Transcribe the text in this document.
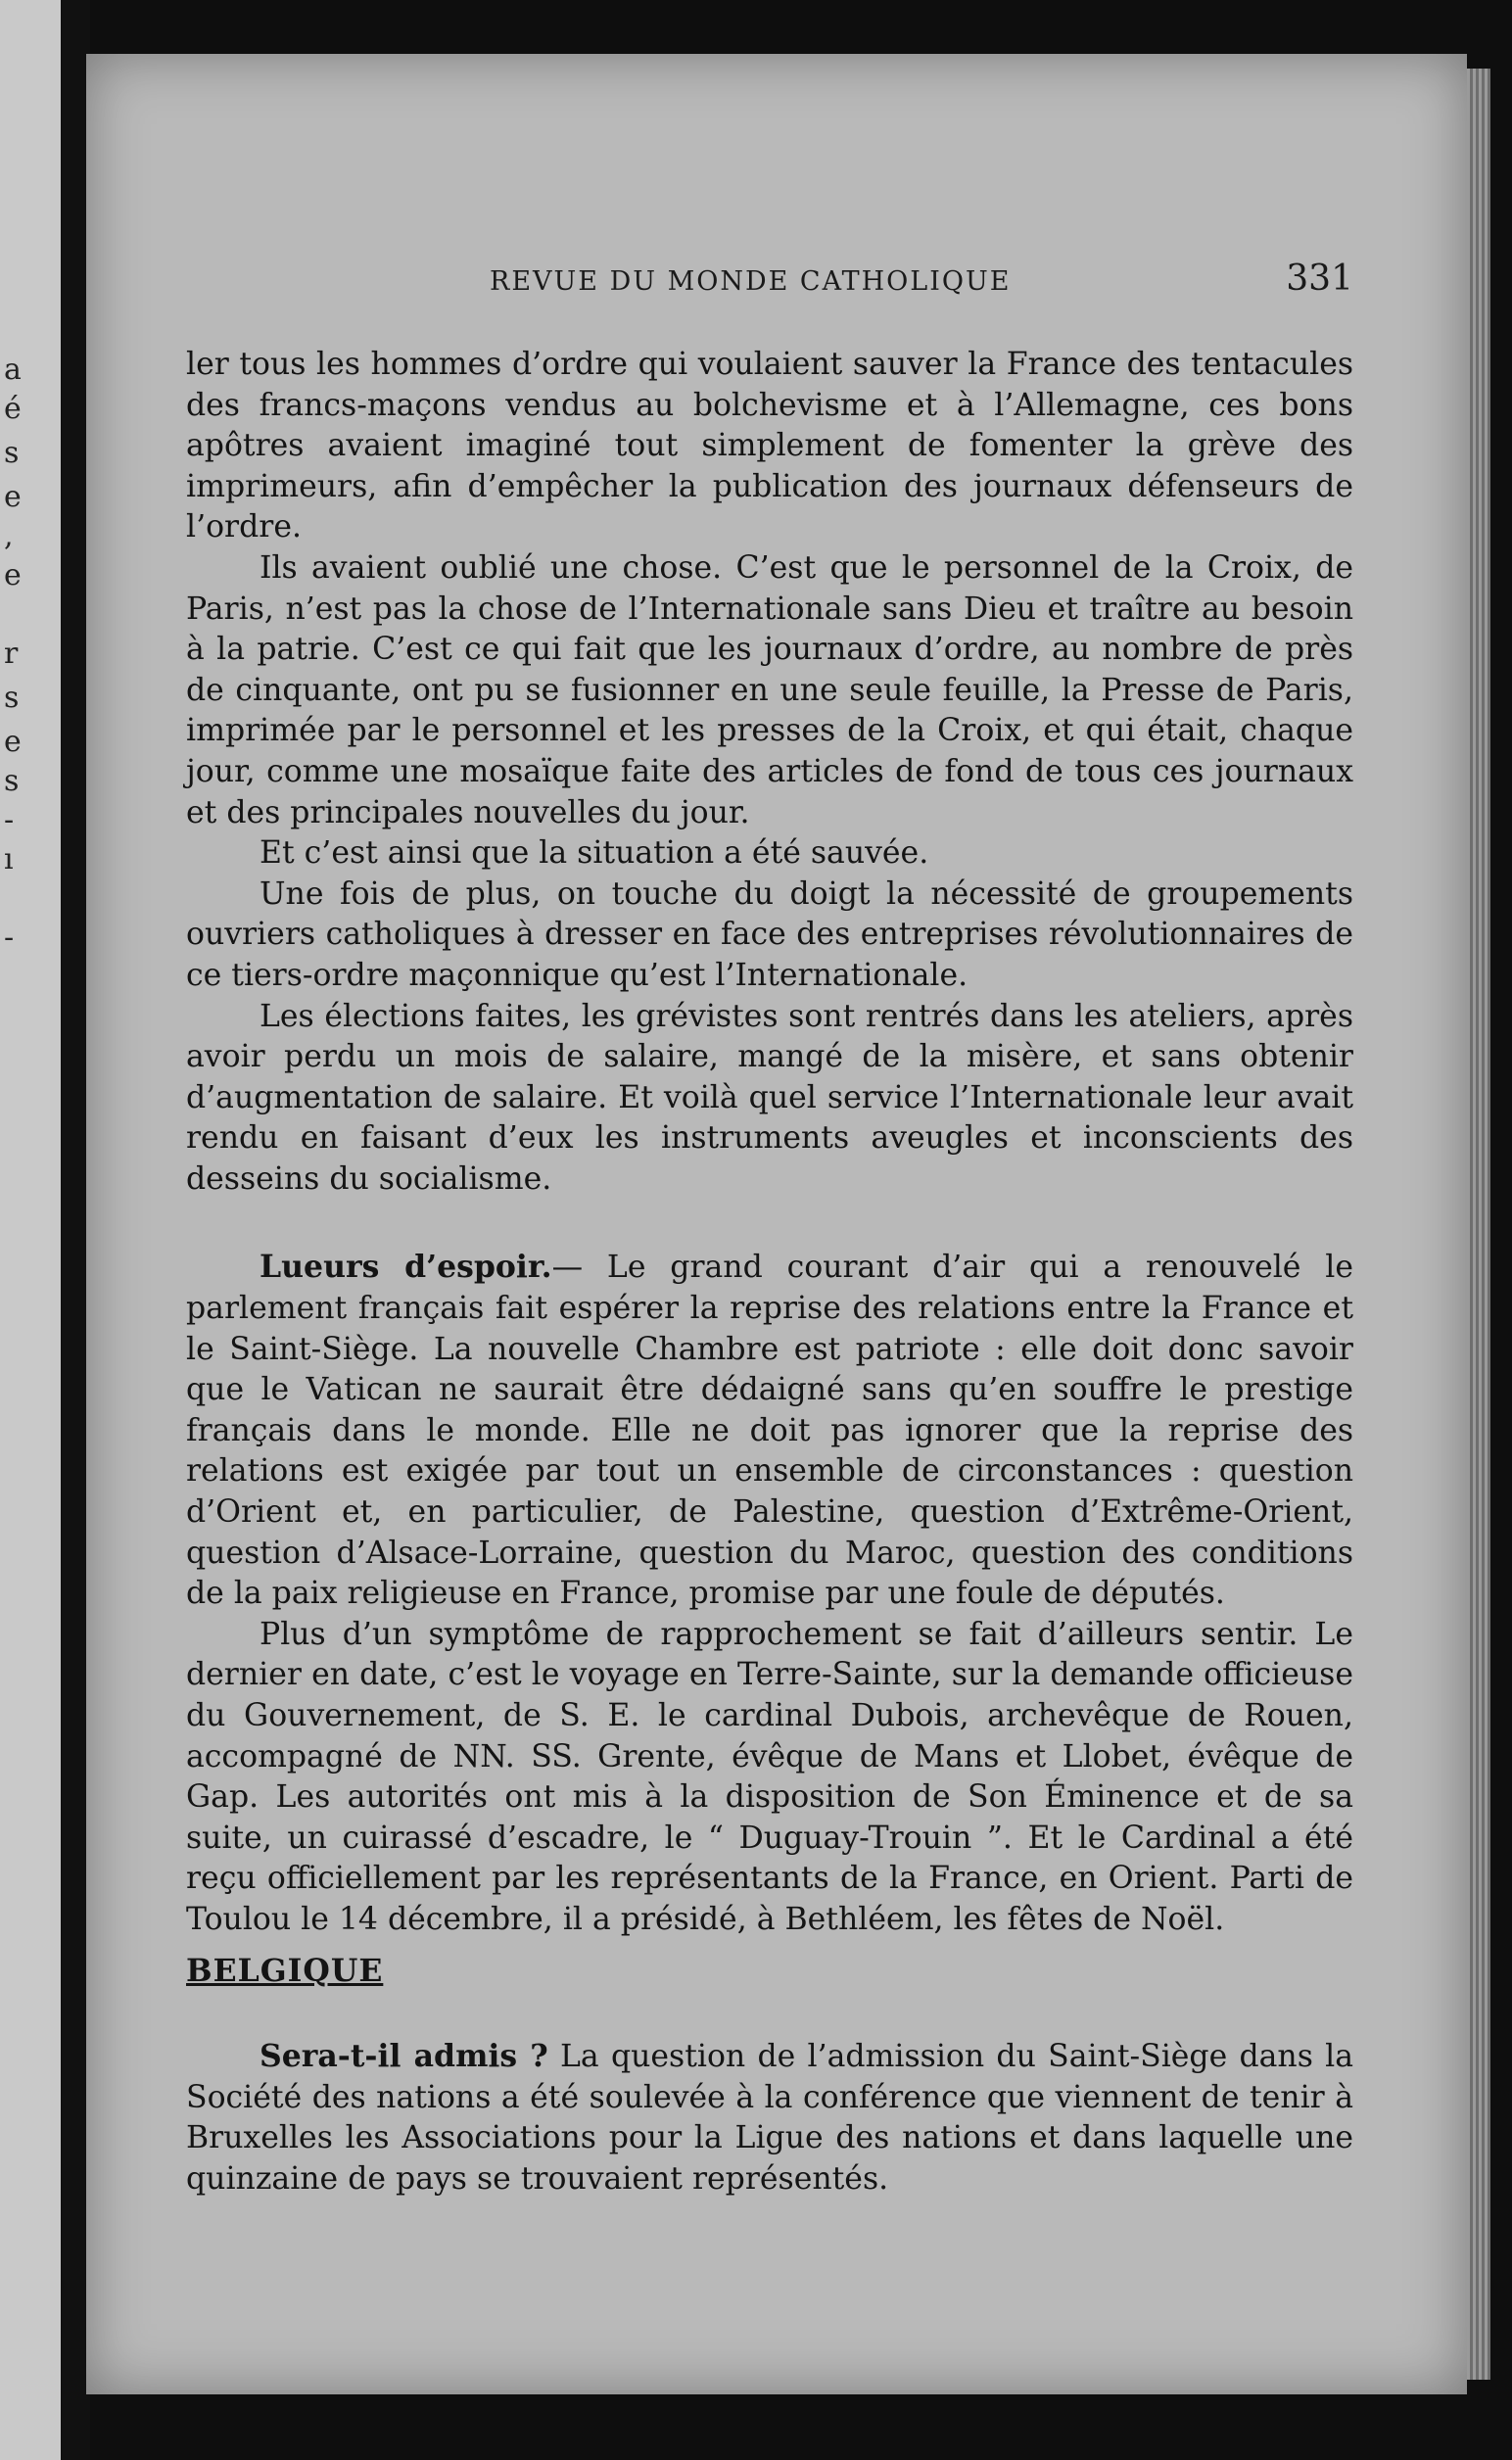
a
é
s
e
,
e
r
s
e
s
-
ı
-
REVUE DU MONDE CATHOLIQUE	331

ler tous les hommes d’ordre qui voulaient sauver la France des tentacules des francs-maçons vendus au bolchevisme et à l’Allemagne, ces bons apôtres avaient imaginé tout simplement de fomenter la grève des imprimeurs, afin d’empêcher la publication des journaux défenseurs de l’ordre.

Ils avaient oublié une chose. C’est que le personnel de la Croix, de Paris, n’est pas la chose de l’Internationale sans Dieu et traître au besoin à la patrie. C’est ce qui fait que les journaux d’ordre, au nombre de près de cinquante, ont pu se fusionner en une seule feuille, la Presse de Paris, imprimée par le personnel et les presses de la Croix, et qui était, chaque jour, comme une mosaïque faite des articles de fond de tous ces journaux et des principales nouvelles du jour.

Et c’est ainsi que la situation a été sauvée.

Une fois de plus, on touche du doigt la nécessité de groupements ouvriers catholiques à dresser en face des entreprises révolutionnaires de ce tiers-ordre maçonnique qu’est l’Internationale.

Les élections faites, les grévistes sont rentrés dans les ateliers, après avoir perdu un mois de salaire, mangé de la misère, et sans obtenir d’augmentation de salaire. Et voilà quel service l’Internationale leur avait rendu en faisant d’eux les instruments aveugles et inconscients des desseins du socialisme.

Lueurs d’espoir.— Le grand courant d’air qui a renouvelé le parlement français fait espérer la reprise des relations entre la France et le Saint-Siège. La nouvelle Chambre est patriote : elle doit donc savoir que le Vatican ne saurait être dédaigné sans qu’en souffre le prestige français dans le monde. Elle ne doit pas ignorer que la reprise des relations est exigée par tout un ensemble de circonstances : question d’Orient et, en particulier, de Palestine, question d’Extrême-Orient, question d’Alsace-Lorraine, question du Maroc, question des conditions de la paix religieuse en France, promise par une foule de députés.

Plus d’un symptôme de rapprochement se fait d’ailleurs sentir. Le dernier en date, c’est le voyage en Terre-Sainte, sur la demande officieuse du Gouvernement, de S. E. le cardinal Dubois, archevêque de Rouen, accompagné de NN. SS. Grente, évêque de Mans et Llobet, évêque de Gap. Les autorités ont mis à la disposition de Son Éminence et de sa suite, un cuirassé d’escadre, le “ Duguay-Trouin ”. Et le Cardinal a été reçu officiellement par les représentants de la France, en Orient. Parti de Toulou le 14 décembre, il a présidé, à Bethléem, les fêtes de Noël.

BELGIQUE

Sera-t-il admis ? La question de l’admission du Saint-Siège dans la Société des nations a été soulevée à la conférence que viennent de tenir à Bruxelles les Associations pour la Ligue des nations et dans laquelle une quinzaine de pays se trouvaient représentés.
